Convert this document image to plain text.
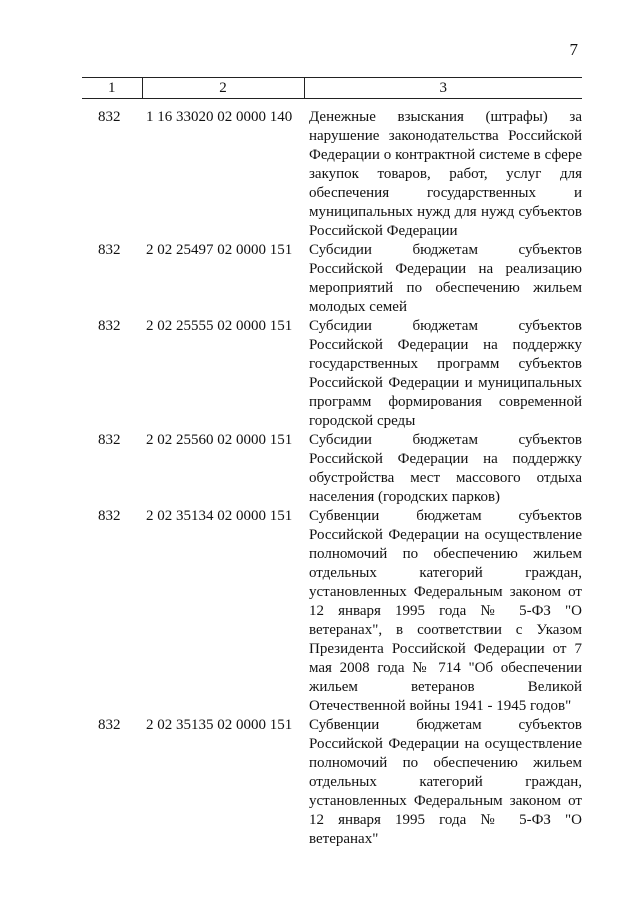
7
1	2	3
832	1 16 33020 02 0000 140	Денежные взыскания (штрафы) за нарушение законодательства Российской Федерации о контрактной системе в сфере закупок товаров, работ, услуг для обеспечения государственных и муниципальных нужд для нужд субъектов Российской Федерации
832	2 02 25497 02 0000 151	Субсидии бюджетам субъектов Российской Федерации на реализацию мероприятий по обеспечению жильем молодых семей
832	2 02 25555 02 0000 151	Субсидии бюджетам субъектов Российской Федерации на поддержку государственных программ субъектов Российской Федерации и муниципальных программ формирования современной городской среды
832	2 02 25560 02 0000 151	Субсидии бюджетам субъектов Российской Федерации на поддержку обустройства мест массового отдыха населения (городских парков)
832	2 02 35134 02 0000 151	Субвенции бюджетам субъектов Российской Федерации на осуществление полномочий по обеспечению жильем отдельных категорий граждан, установленных Федеральным законом от 12 января 1995 года № 5-ФЗ "О ветеранах", в соответствии с Указом Президента Российской Федерации от 7 мая 2008 года № 714 "Об обеспечении жильем ветеранов Великой Отечественной войны 1941 - 1945 годов"
832	2 02 35135 02 0000 151	Субвенции бюджетам субъектов Российской Федерации на осуществление полномочий по обеспечению жильем отдельных категорий граждан, установленных Федеральным законом от 12 января 1995 года № 5-ФЗ "О ветеранах"
